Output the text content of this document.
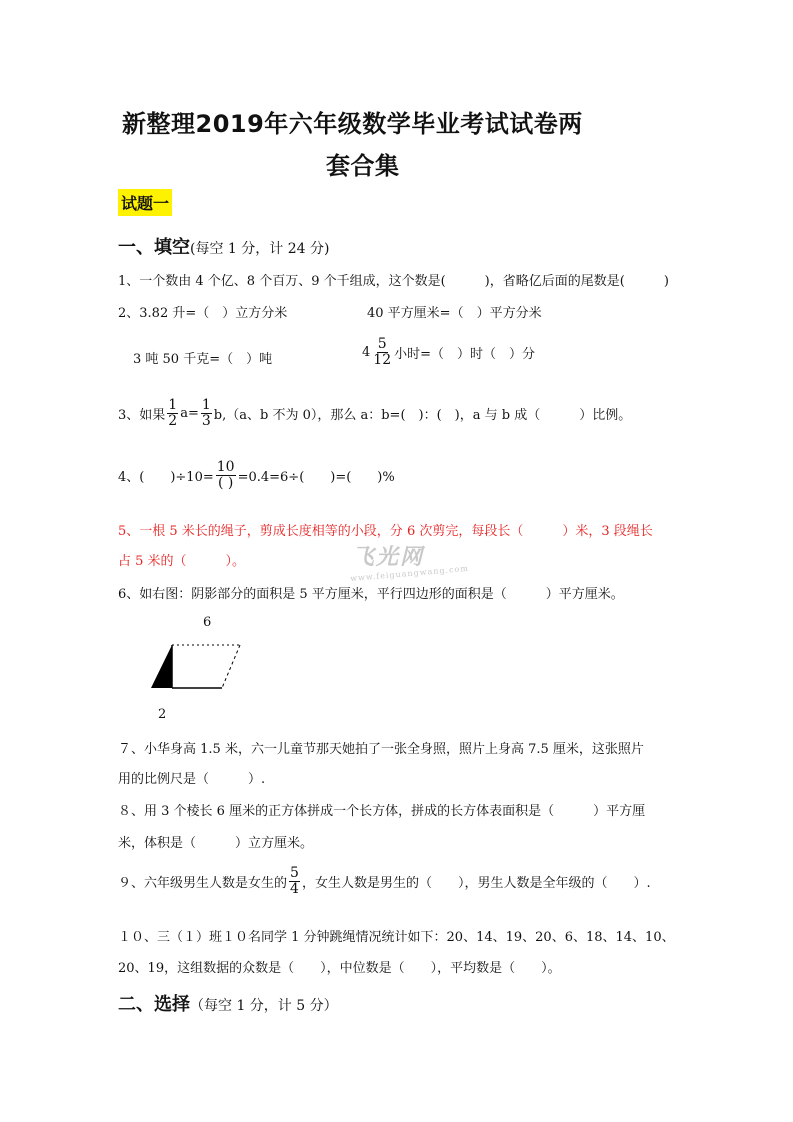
新整理2019年六年级数学毕业考试试卷两
套合集
试题一
一、填空(每空 1 分，计 24 分)
1、一个数由 4 个亿、8 个百万、9 个千组成，这个数是(　　　)，省略亿后面的尾数是(　　　)
2、3.82 升=（　）立方分米	40 平方厘米=（　）平方分米
3 吨 50 千克=（　）吨	$4 \frac{5}{12}$ 小时=（　）时（　）分
3、如果 $\frac{1}{2} a= \frac{1}{3} b,(a$、b 不为 0），那么 a：b=(　)：(　)，a 与 b 成（　　　）比例。
4、(　　)$\div 10= \frac{10}{( )} =0.4=6\div$(　　)=(　　)%
5、一根 5 米长的绳子，剪成长度相等的小段，分 6 次剪完，每段长（　　　）米，3 段绳长
占 5 米的（　　　）。	飞光网
www.feiguangwang.com
6、如右图：阴影部分的面积是 5 平方厘米，平行四边形的面积是（　　　）平方厘米。
6
2
７、小华身高 1.5 米，六一儿童节那天她拍了一张全身照，照片上身高 7.5 厘米，这张照片
用的比例尺是（　　　）.
８、用 3 个棱长 6 厘米的正方体拼成一个长方体，拼成的长方体表面积是（　　　）平方厘
米，体积是（　　　）立方厘米。
９、六年级男生人数是女生的 $\frac{5}{4}$ ，女生人数是男生的（　　），男生人数是全年级的（　　）.
１０、三（１）班１０名同学 1 分钟跳绳情况统计如下：20、14、19、20、6、18、14、10、
20、19，这组数据的众数是（　　），中位数是（　　），平均数是（　　）。
二、选择（每空 1 分，计 5 分）
